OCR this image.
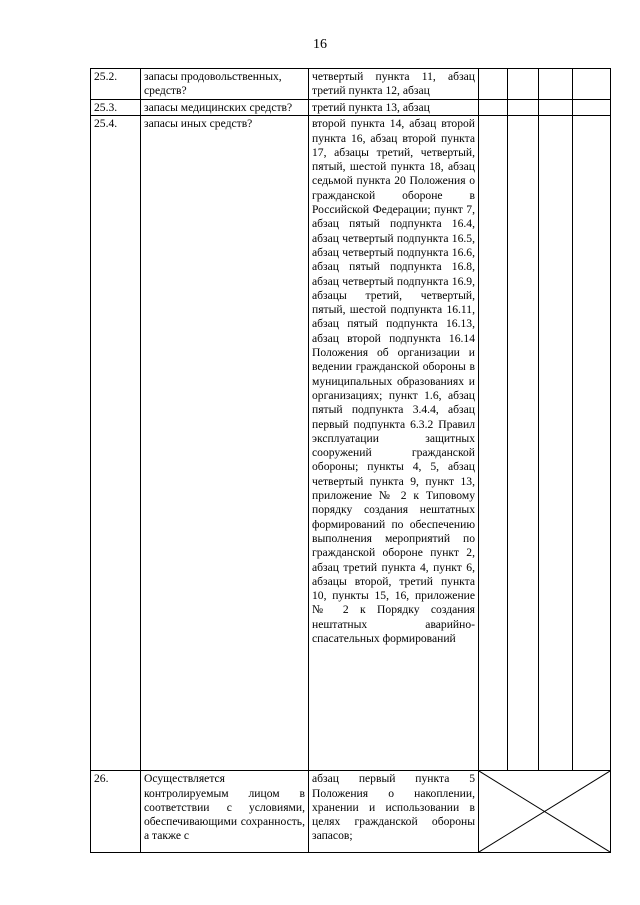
16
25.2.	запасы продовольственных, средств?	четвертый пункта 11, абзац третий пункта 12, абзац				
25.3.	запасы медицинских средств?	третий пункта 13, абзац				
25.4.	запасы иных средств?	второй пункта 14, абзац второй пункта 16, абзац второй пункта 17, абзацы третий, четвертый, пятый, шестой пункта 18, абзац седьмой пункта 20 Положения о гражданской обороне в Российской Федерации; пункт 7, абзац пятый подпункта 16.4, абзац четвертый подпункта 16.5, абзац четвертый подпункта 16.6, абзац пятый подпункта 16.8, абзац четвертый подпункта 16.9, абзацы третий, четвертый, пятый, шестой подпункта 16.11, абзац пятый подпункта 16.13, абзац второй подпункта 16.14 Положения об организации и ведении гражданской обороны в муниципальных образованиях и организациях; пункт 1.6, абзац пятый подпункта 3.4.4, абзац первый подпункта 6.3.2 Правил эксплуатации защитных сооружений гражданской обороны; пункты 4, 5, абзац четвертый пункта 9, пункт 13, приложение № 2 к Типовому порядку создания нештатных формирований по обеспечению выполнения мероприятий по гражданской обороне пункт 2, абзац третий пункта 4, пункт 6, абзацы второй, третий пункта 10, пункты 15, 16, приложение № 2 к Порядку создания нештатных аварийно-спасательных формирований				
26.	Осуществляется контролируемым лицом в соответствии с условиями, обеспечивающими сохранность, а также с	абзац первый пункта 5 Положения о накоплении, хранении и использовании в целях гражданской обороны запасов;	
